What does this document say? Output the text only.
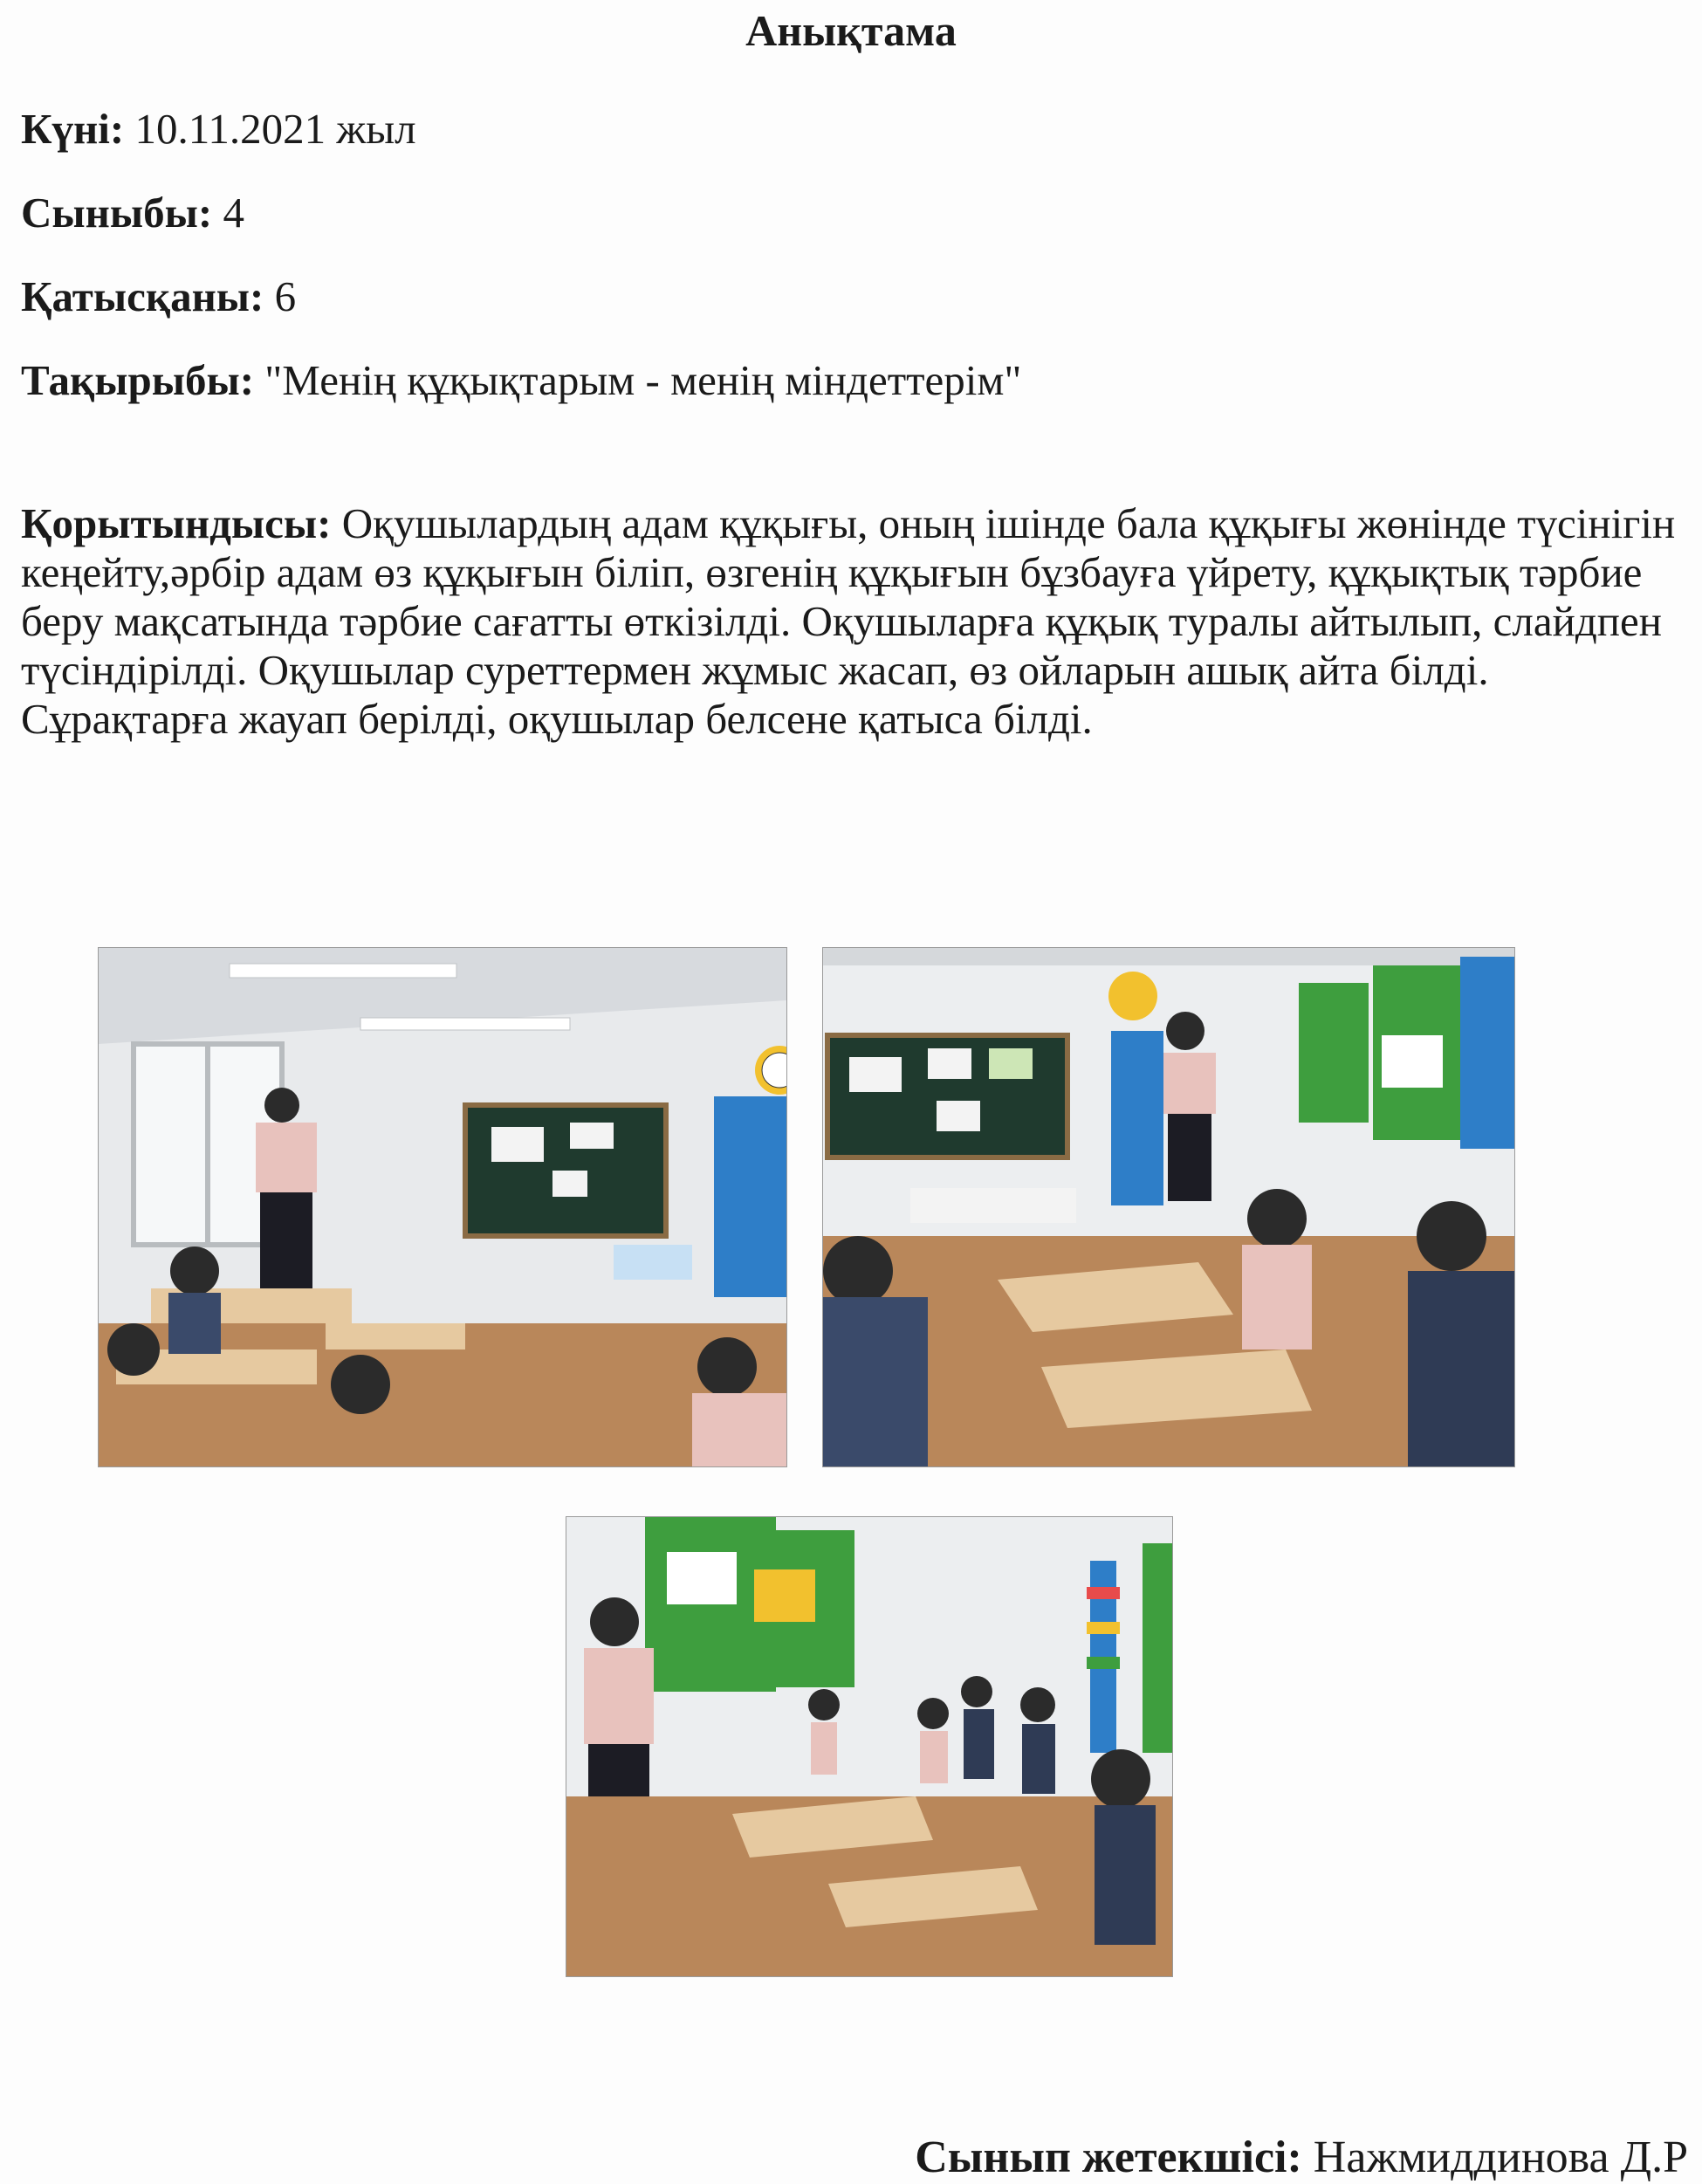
Анықтама

Күні: 10.11.2021 жыл

Сыныбы: 4

Қатысқаны: 6

Тақырыбы: "Менің құқықтарым - менің міндеттерім"

Қорытындысы: Оқушылардың адам құқығы, оның ішінде бала құқығы жөнінде түсінігін кеңейту,әрбір адам өз құқығын біліп, өзгенің құқығын бұзбауға үйрету, құқықтық тәрбие беру мақсатында тәрбие сағатты өткізілді. Оқушыларға құқық туралы айтылып, слайдпен түсіндірілді. Оқушылар суреттермен жұмыс жасап, өз ойларын ашық айта білді. Сұрақтарға жауап берілді, оқушылар белсене қатыса білді.

Сынып жетекшісі: Нажмиддинова Д.Р
